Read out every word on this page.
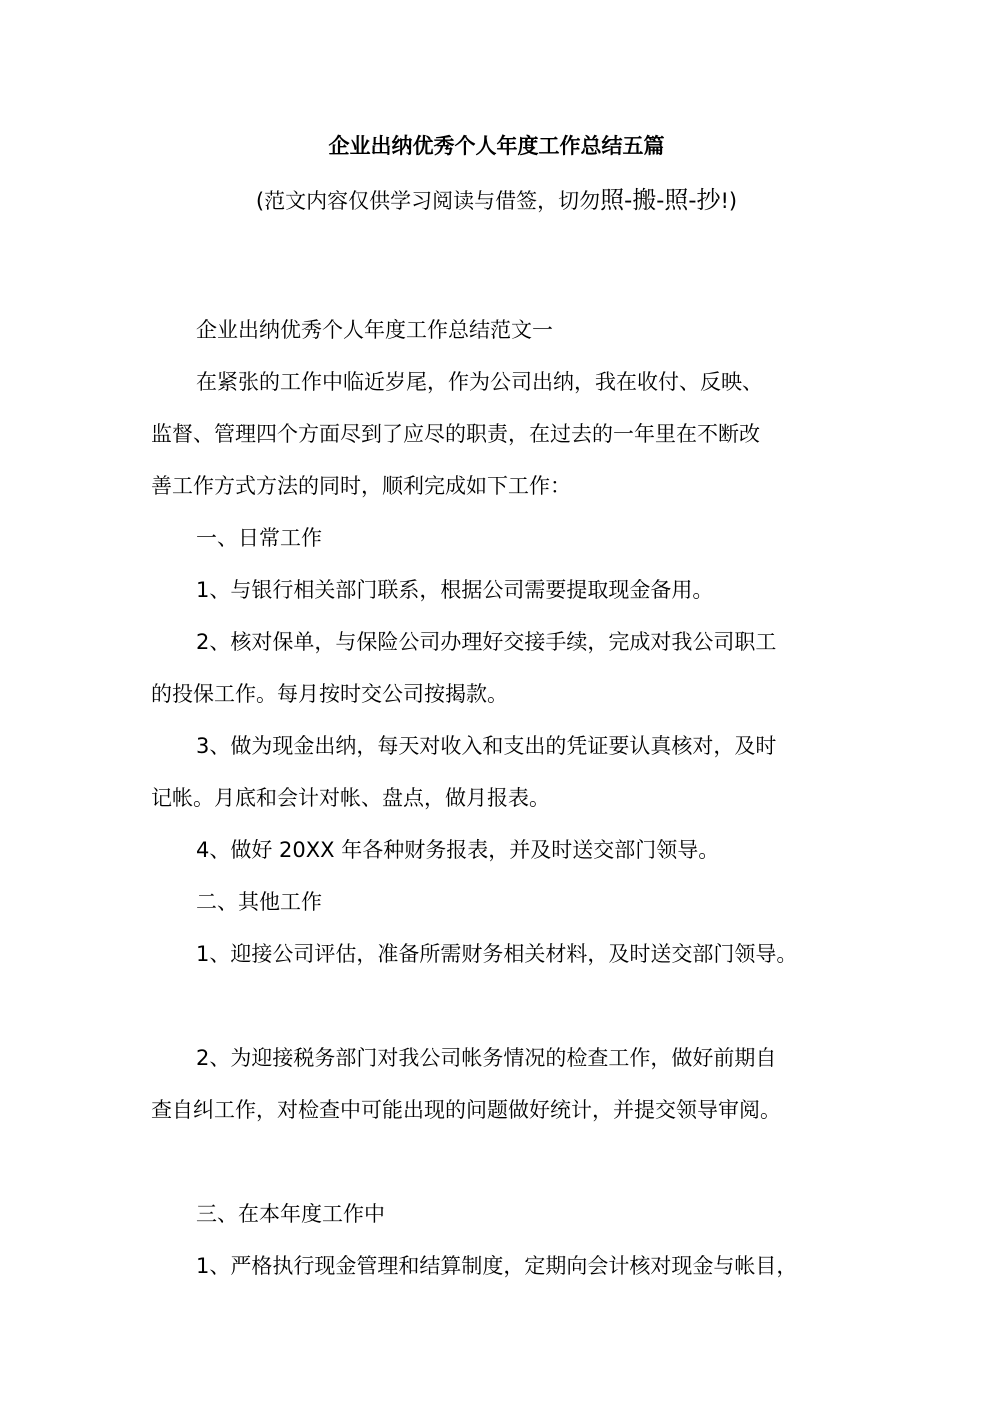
企业出纳优秀个人年度工作总结五篇
(范文内容仅供学习阅读与借签，切勿照-搬-照-抄!)
企业出纳优秀个人年度工作总结范文一
在紧张的工作中临近岁尾，作为公司出纳，我在收付、反映、
监督、管理四个方面尽到了应尽的职责，在过去的一年里在不断改
善工作方式方法的同时，顺利完成如下工作：
一、日常工作
1、与银行相关部门联系，根据公司需要提取现金备用。
2、核对保单，与保险公司办理好交接手续，完成对我公司职工
的投保工作。每月按时交公司按揭款。
3、做为现金出纳，每天对收入和支出的凭证要认真核对，及时
记帐。月底和会计对帐、盘点，做月报表。
4、做好 20XX 年各种财务报表，并及时送交部门领导。
二、其他工作
1、迎接公司评估，准备所需财务相关材料，及时送交部门领导。
2、为迎接税务部门对我公司帐务情况的检查工作，做好前期自
查自纠工作，对检查中可能出现的问题做好统计，并提交领导审阅。
三、在本年度工作中
1、严格执行现金管理和结算制度，定期向会计核对现金与帐目，
